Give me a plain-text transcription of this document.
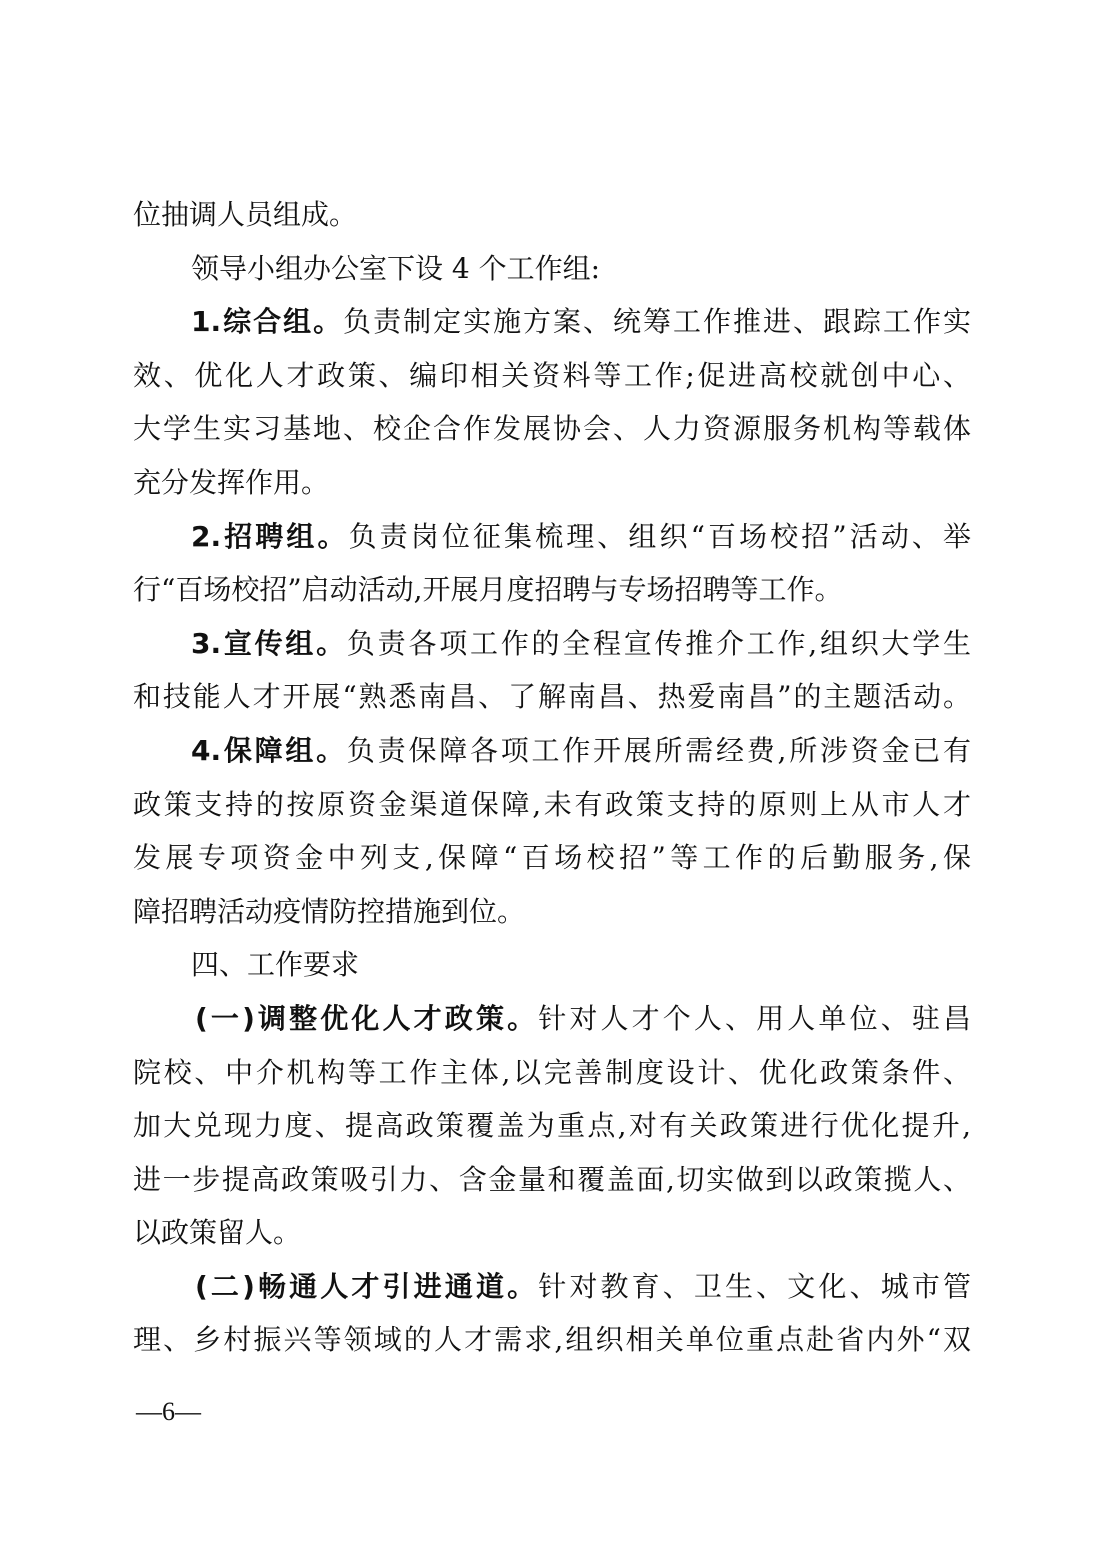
位抽调人员组成。
领导小组办公室下设 4 个工作组:
1.综合组。负责制定实施方案、统筹工作推进、跟踪工作实
效、优化人才政策、编印相关资料等工作;促进高校就创中心、
大学生实习基地、校企合作发展协会、人力资源服务机构等载体
充分发挥作用。
2.招聘组。负责岗位征集梳理、组织“百场校招”活动、举
行“百场校招”启动活动,开展月度招聘与专场招聘等工作。
3.宣传组。负责各项工作的全程宣传推介工作,组织大学生
和技能人才开展“熟悉南昌、了解南昌、热爱南昌”的主题活动。
4.保障组。负责保障各项工作开展所需经费,所涉资金已有
政策支持的按原资金渠道保障,未有政策支持的原则上从市人才
发展专项资金中列支,保障“百场校招”等工作的后勤服务,保
障招聘活动疫情防控措施到位。
四、工作要求
(一)调整优化人才政策。针对人才个人、用人单位、驻昌
院校、中介机构等工作主体,以完善制度设计、优化政策条件、
加大兑现力度、提高政策覆盖为重点,对有关政策进行优化提升,
进一步提高政策吸引力、含金量和覆盖面,切实做到以政策揽人、
以政策留人。
(二)畅通人才引进通道。针对教育、卫生、文化、城市管
理、乡村振兴等领域的人才需求,组织相关单位重点赴省内外“双
—6—
